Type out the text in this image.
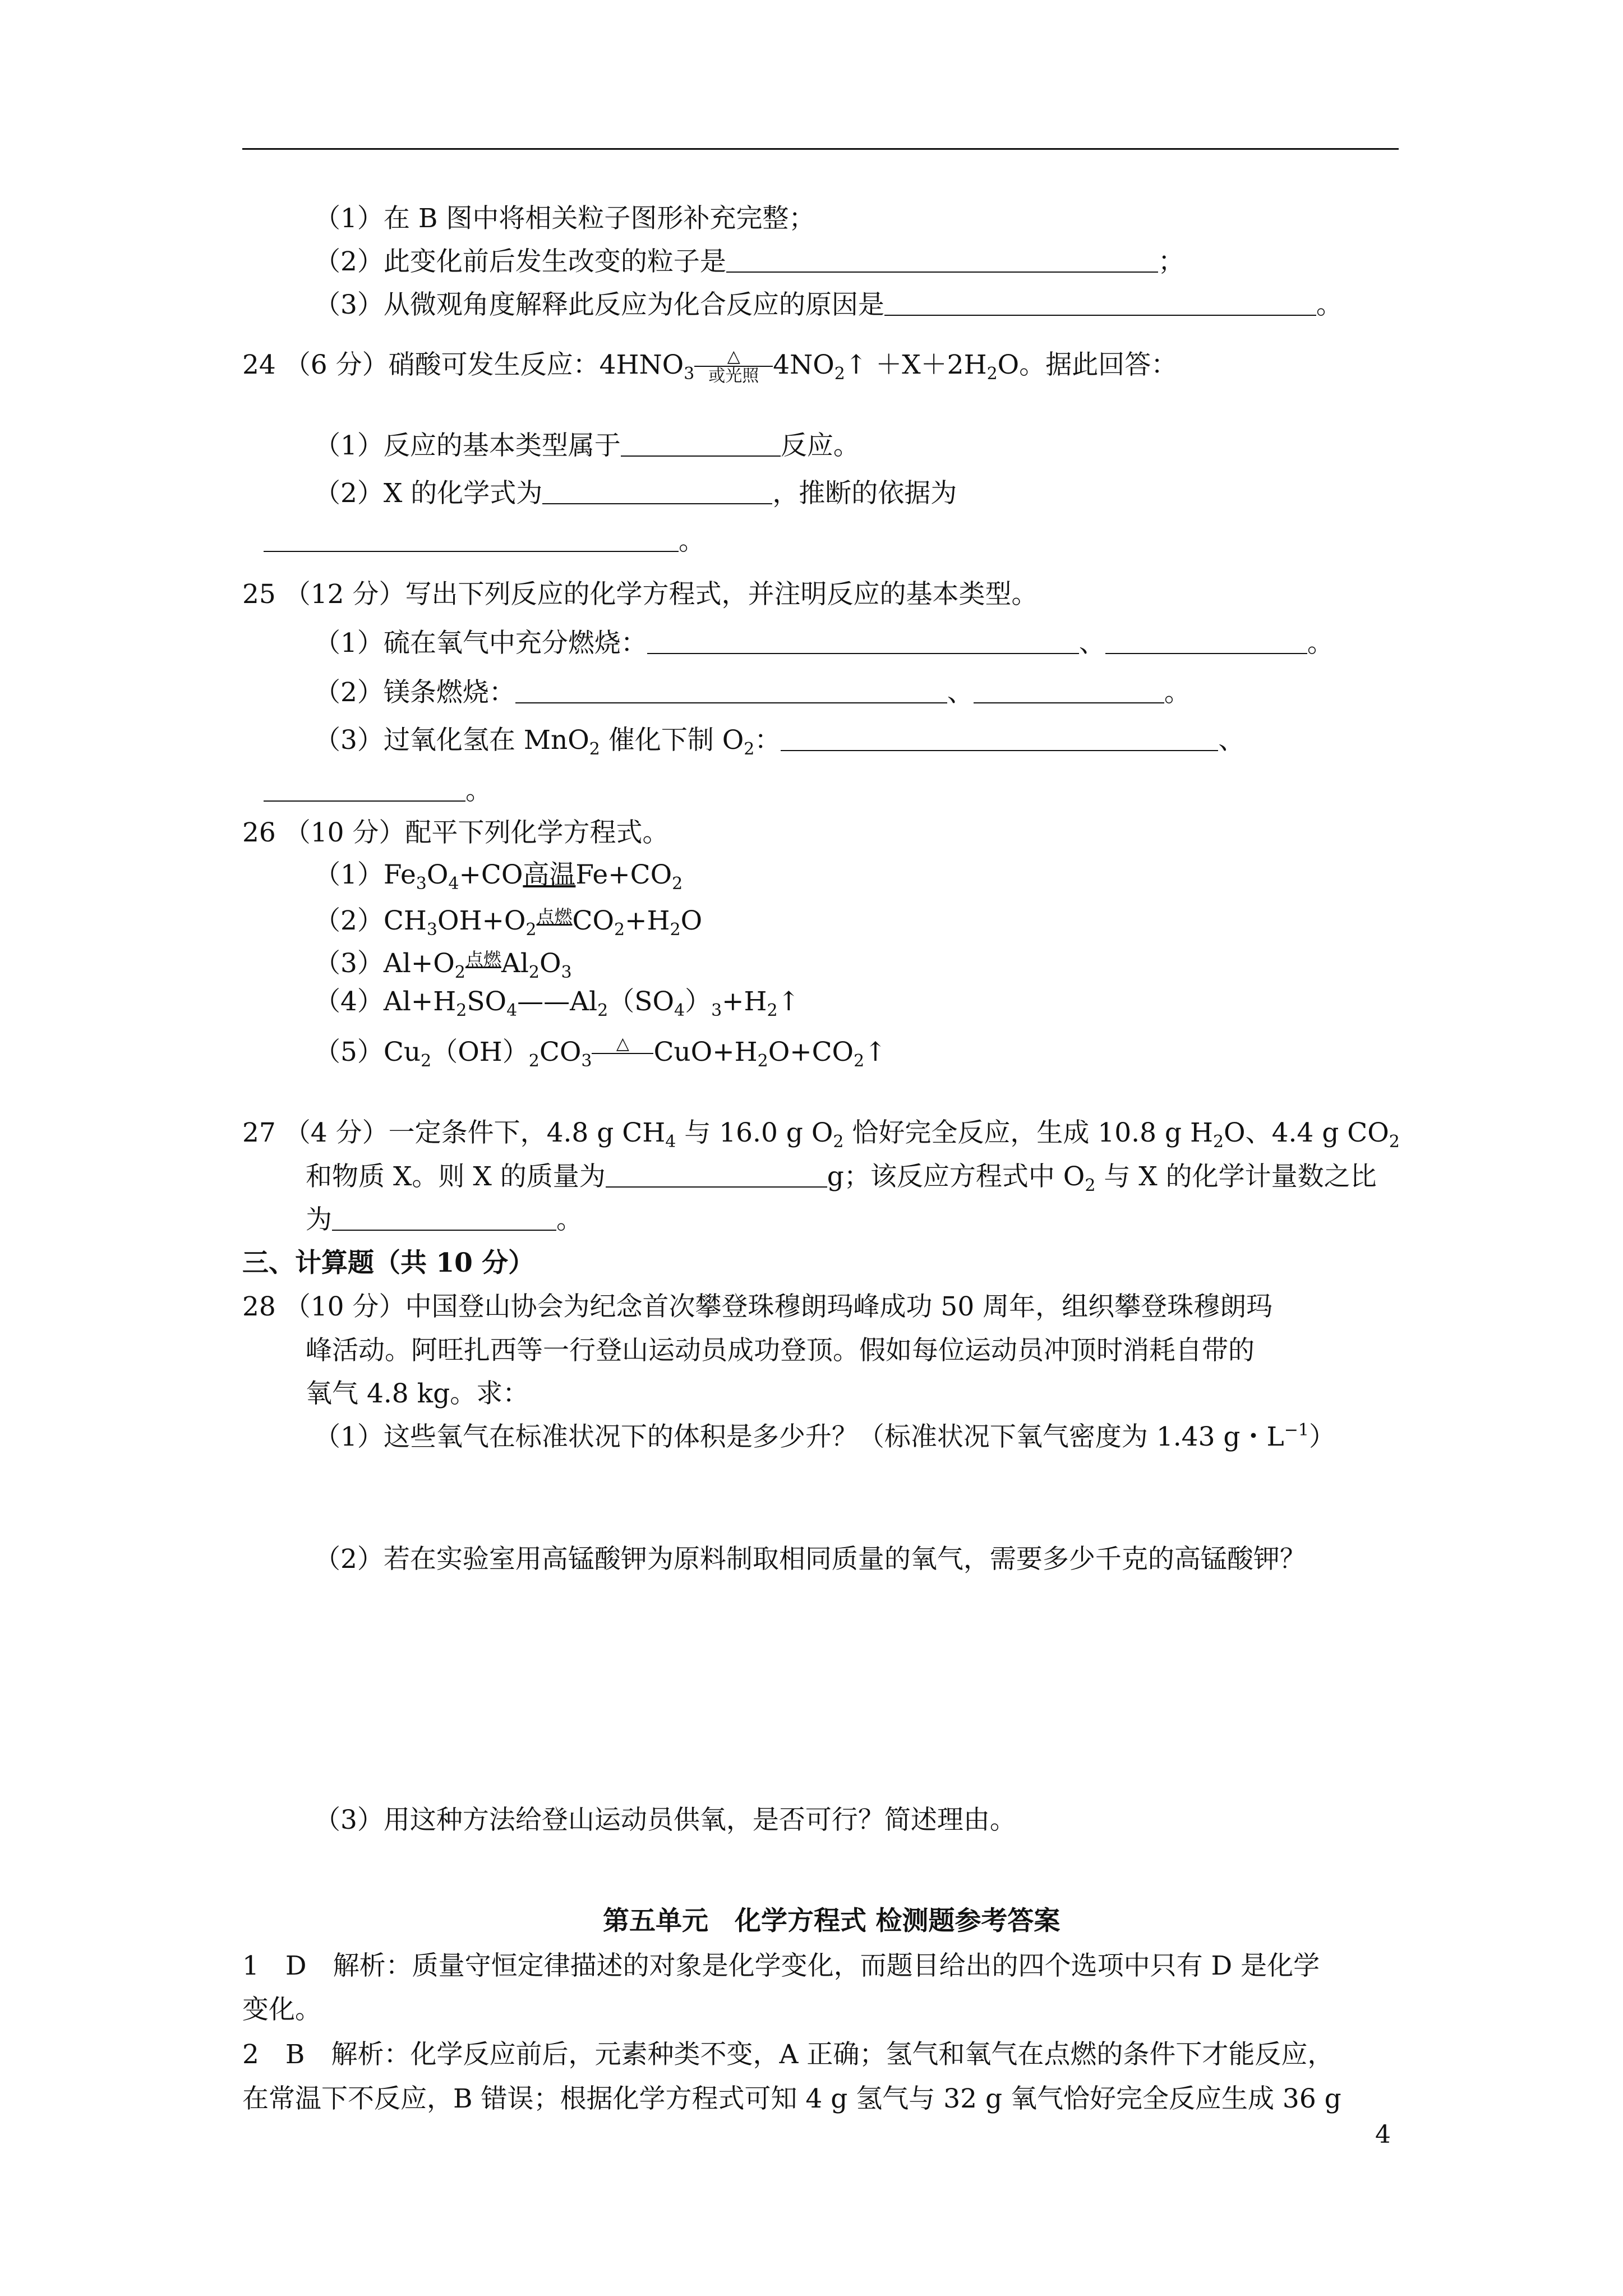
（1）在 B 图中将相关粒子图形补充完整；
（2）此变化前后发生改变的粒子是	；
（3）从微观角度解释此反应为化合反应的原因是	。
24 （6 分）硝酸可发生反应：$4HNO_3$
△
或光照 $4NO_2↑ +X+2H_2O$。据此回答：
（1）反应的基本类型属于	反应。
（2）X 的化学式为	，推断的依据为
。
25 （12 分）写出下列反应的化学方程式，并注明反应的基本类型。
（1）硫在氧气中充分燃烧：	、	。
（2）镁条燃烧：	、	。
（3）过氧化氢在 MnO$_2$ 催化下制 $O_2$：	、
。
26 （10 分）配平下列化学方程式。
$(1)Fe_3O_4+CO$高温$Fe+CO_2$
$(2)CH_3OH+O_2^{点燃}CO_2+H_2O$
$(3)Al+O_2^{点燃}Al_2O_3$
$(4)Al+H_2SO_4——Al_2(SO_4)_3+H_2↑$
$(5)Cu_2(OH)_2CO_3$
△
$CuO+H_2O+CO_2↑$
27 （4 分）一定条件下，4.8 g $CH_4$ 与 16.0 g $O_2$ 恰好完全反应，生成 10.8 g $H_2O$、4.4 g $CO_2$
和物质 X。则 X 的质量为	g；该反应方程式中 $O_2$ 与 X 的化学计量数之比
为	。
三、计算题（共 10 分）
28 （10 分）中国登山协会为纪念首次攀登珠穆朗玛峰成功 50 周年，组织攀登珠穆朗玛
峰活动。阿旺扎西等一行登山运动员成功登顶。假如每位运动员冲顶时消耗自带的
氧气 4.8 kg。求：
（1）这些氧气在标准状况下的体积是多少升？（标准状况下氧气密度为 1.43 g・$L^{-1}$）
（2）若在实验室用高锰酸钾为原料制取相同质量的氧气，需要多少千克的高锰酸钾？
（3）用这种方法给登山运动员供氧，是否可行？简述理由。
第五单元　化学方程式 检测题参考答案
1　D　解析：质量守恒定律描述的对象是化学变化，而题目给出的四个选项中只有 D 是化学
变化。
2　B　解析：化学反应前后，元素种类不变，A 正确；氢气和氧气在点燃的条件下才能反应，
在常温下不反应，B 错误；根据化学方程式可知 4 g 氢气与 32 g 氧气恰好完全反应生成 36 g
4
